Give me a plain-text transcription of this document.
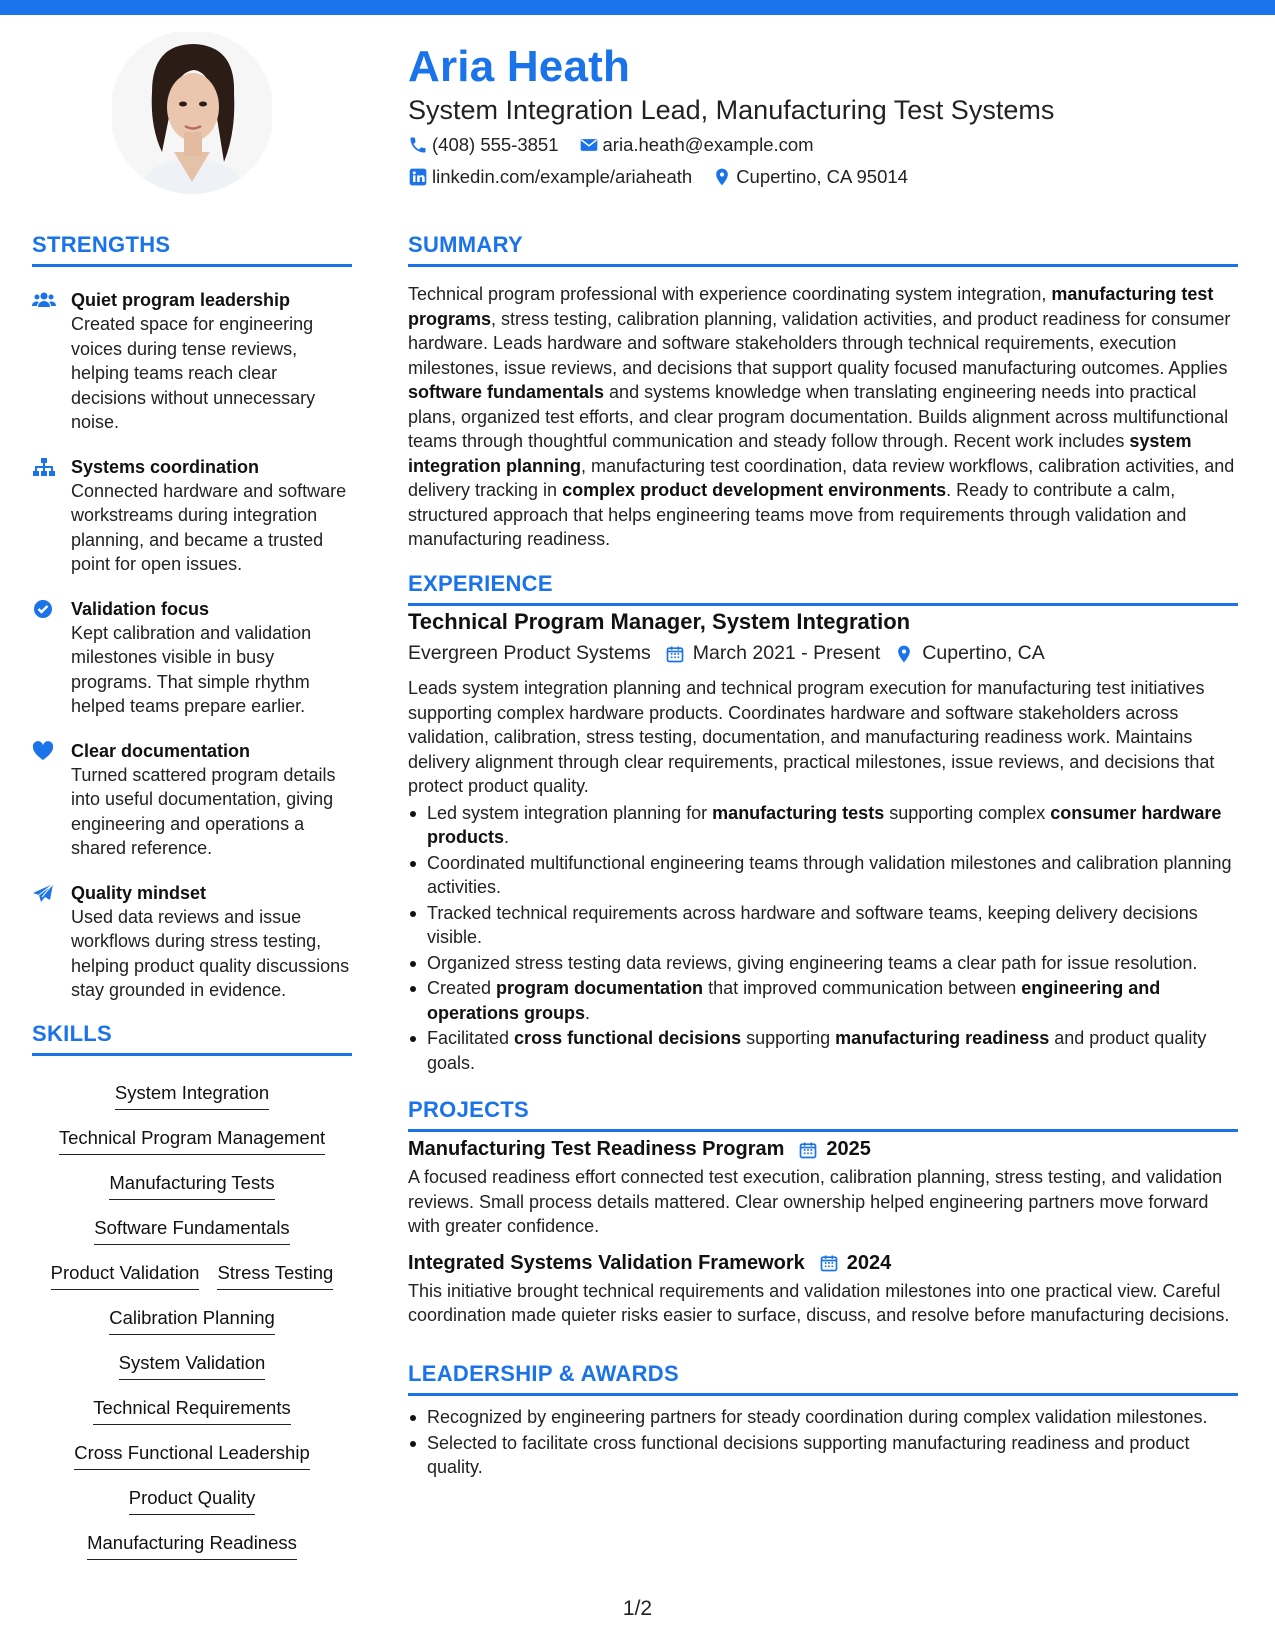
Aria Heath
System Integration Lead, Manufacturing Test Systems
(408) 555-3851 aria.heath@example.com
linkedin.com/example/ariaheath Cupertino, CA 95014
STRENGTHS
Quiet program leadership
Created space for engineering voices during tense reviews, helping teams reach clear decisions without unnecessary noise.
Systems coordination
Connected hardware and software workstreams during integration planning, and became a trusted point for open issues.
Validation focus
Kept calibration and validation milestones visible in busy programs. That simple rhythm helped teams prepare earlier.
Clear documentation
Turned scattered program details into useful documentation, giving engineering and operations a shared reference.
Quality mindset
Used data reviews and issue workflows during stress testing, helping product quality discussions stay grounded in evidence.
SKILLS
System Integration
Technical Program Management
Manufacturing Tests
Software Fundamentals
Product Validation Stress Testing
Calibration Planning
System Validation
Technical Requirements
Cross Functional Leadership
Product Quality
Manufacturing Readiness
SUMMARY
Technical program professional with experience coordinating system integration, manufacturing test programs, stress testing, calibration planning, validation activities, and product readiness for consumer hardware. Leads hardware and software stakeholders through technical requirements, execution milestones, issue reviews, and decisions that support quality focused manufacturing outcomes. Applies software fundamentals and systems knowledge when translating engineering needs into practical plans, organized test efforts, and clear program documentation. Builds alignment across multifunctional teams through thoughtful communication and steady follow through. Recent work includes system integration planning, manufacturing test coordination, data review workflows, calibration activities, and delivery tracking in complex product development environments. Ready to contribute a calm, structured approach that helps engineering teams move from requirements through validation and manufacturing readiness.
EXPERIENCE
Technical Program Manager, System Integration
Evergreen Product Systems March 2021 - Present Cupertino, CA
Leads system integration planning and technical program execution for manufacturing test initiatives supporting complex hardware products. Coordinates hardware and software stakeholders across validation, calibration, stress testing, documentation, and manufacturing readiness work. Maintains delivery alignment through clear requirements, practical milestones, issue reviews, and decisions that protect product quality.
Led system integration planning for manufacturing tests supporting complex consumer hardware products.
Coordinated multifunctional engineering teams through validation milestones and calibration planning activities.
Tracked technical requirements across hardware and software teams, keeping delivery decisions visible.
Organized stress testing data reviews, giving engineering teams a clear path for issue resolution.
Created program documentation that improved communication between engineering and operations groups.
Facilitated cross functional decisions supporting manufacturing readiness and product quality goals.
PROJECTS
Manufacturing Test Readiness Program 2025
A focused readiness effort connected test execution, calibration planning, stress testing, and validation reviews. Small process details mattered. Clear ownership helped engineering partners move forward with greater confidence.
Integrated Systems Validation Framework 2024
This initiative brought technical requirements and validation milestones into one practical view. Careful coordination made quieter risks easier to surface, discuss, and resolve before manufacturing decisions.
LEADERSHIP & AWARDS
Recognized by engineering partners for steady coordination during complex validation milestones.
Selected to facilitate cross functional decisions supporting manufacturing readiness and product quality.
1/2
